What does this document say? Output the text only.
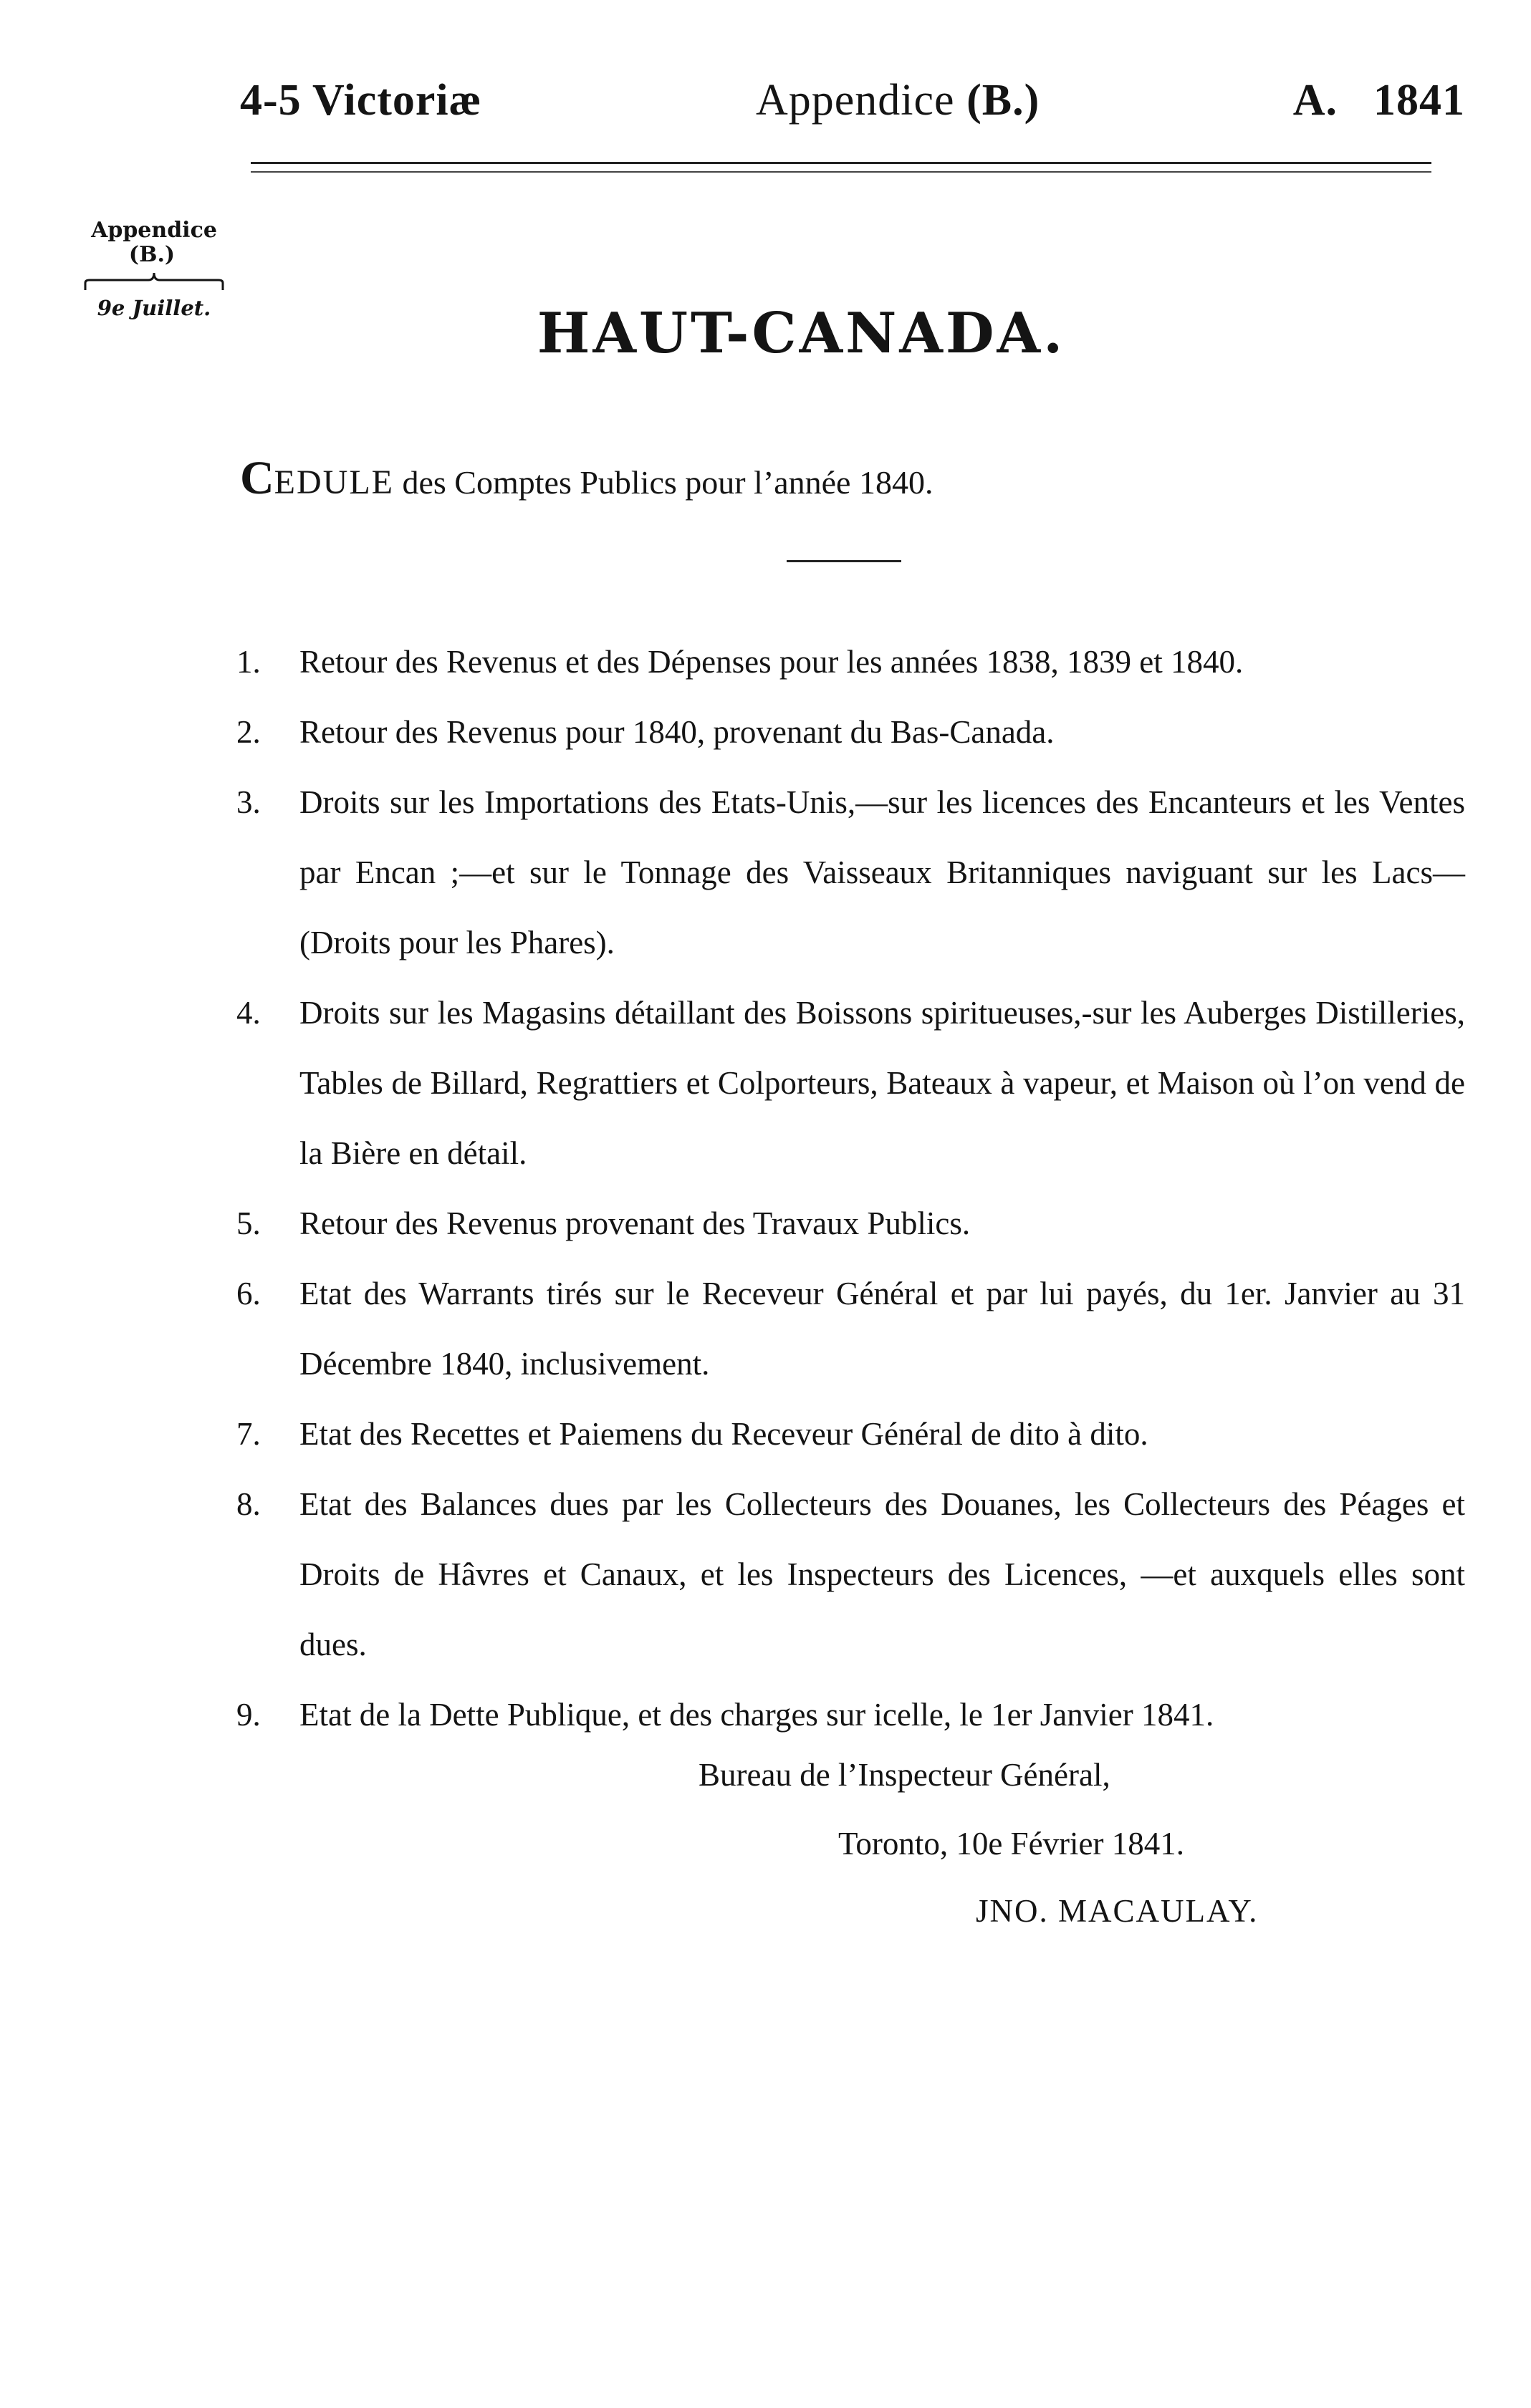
4-5 Victoriæ	Appendice (B.)	A. 1841
Appendice
(B.)
9e Juillet.	HAUT-CANADA.
CEDULE des Comptes Publics pour l’année 1840.
1. Retour des Revenus et des Dépenses pour les années 1838, 1839 et 1840.
2. Retour des Revenus pour 1840, provenant du Bas-Canada.
3. Droits sur les Importations des Etats-Unis,—sur les licences des Encanteurs et les Ventes par Encan ;—et sur le Tonnage des Vaisseaux Britanniques naviguant sur les Lacs—(Droits pour les Phares).
4. Droits sur les Magasins détaillant des Boissons spiritueuses,-sur les Auberges Distilleries, Tables de Billard, Regrattiers et Colporteurs, Bateaux à vapeur, et Maison où l’on vend de la Bière en détail.
5. Retour des Revenus provenant des Travaux Publics.
6. Etat des Warrants tirés sur le Receveur Général et par lui payés, du 1er. Janvier au 31 Décembre 1840, inclusivement.
7. Etat des Recettes et Paiemens du Receveur Général de dito à dito.
8. Etat des Balances dues par les Collecteurs des Douanes, les Collecteurs des Péages et Droits de Hâvres et Canaux, et les Inspecteurs des Licences, —et auxquels elles sont dues.
9. Etat de la Dette Publique, et des charges sur icelle, le 1er Janvier 1841.
Bureau de l’Inspecteur Général,
Toronto, 10e Février 1841.
JNO. MACAULAY.
